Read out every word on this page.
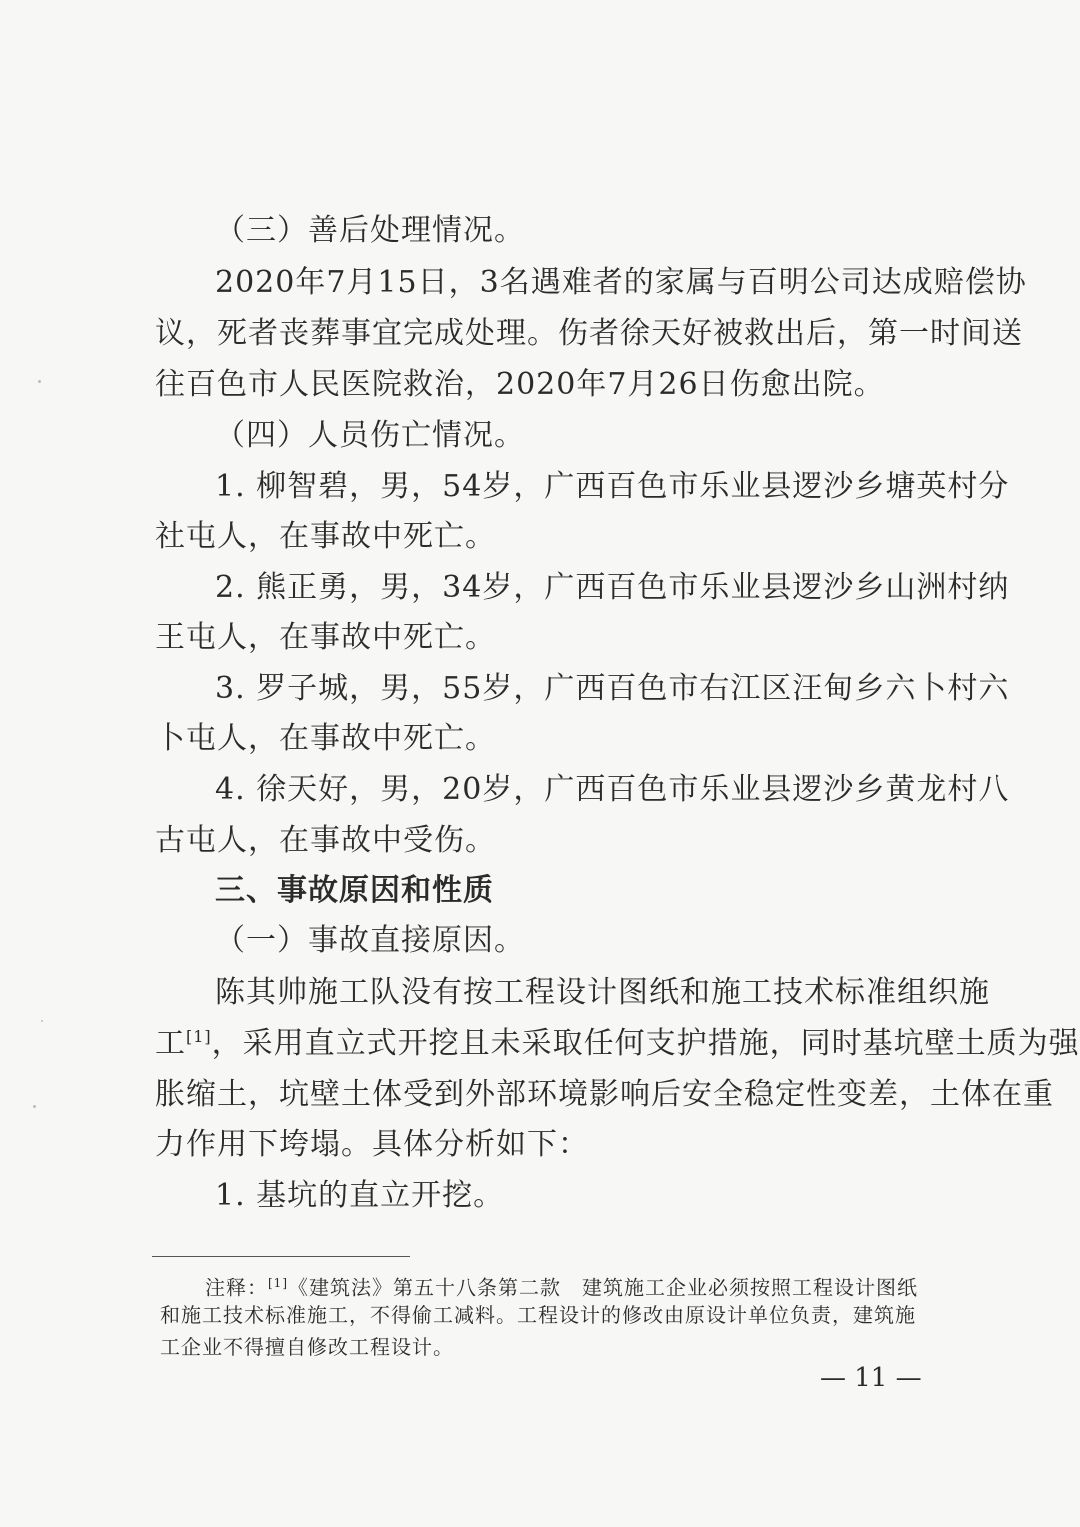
（三）善后处理情况。
2020年7月15日，3名遇难者的家属与百明公司达成赔偿协
议，死者丧葬事宜完成处理。伤者徐天好被救出后，第一时间送
往百色市人民医院救治，2020年7月26日伤愈出院。
（四）人员伤亡情况。
1. 柳智碧，男，54岁，广西百色市乐业县逻沙乡塘英村分
社屯人，在事故中死亡。
2. 熊正勇，男，34岁，广西百色市乐业县逻沙乡山洲村纳
王屯人，在事故中死亡。
3. 罗子城，男，55岁，广西百色市右江区汪甸乡六卜村六
卜屯人，在事故中死亡。
4. 徐天好，男，20岁，广西百色市乐业县逻沙乡黄龙村八
古屯人，在事故中受伤。
三、事故原因和性质
（一）事故直接原因。
陈其帅施工队没有按工程设计图纸和施工技术标准组织施
工[1] ，采用直立式开挖且未采取任何支护措施，同时基坑壁土质为强
胀缩土，坑壁土体受到外部环境影响后安全稳定性变差，土体在重
力作用下垮塌。具体分析如下：
1. 基坑的直立开挖。
注释：[1]《建筑法》第五十八条第二款　建筑施工企业必须按照工程设计图纸
和施工技术标准施工，不得偷工减料。工程设计的修改由原设计单位负责，建筑施
工企业不得擅自修改工程设计。
— 11 —
